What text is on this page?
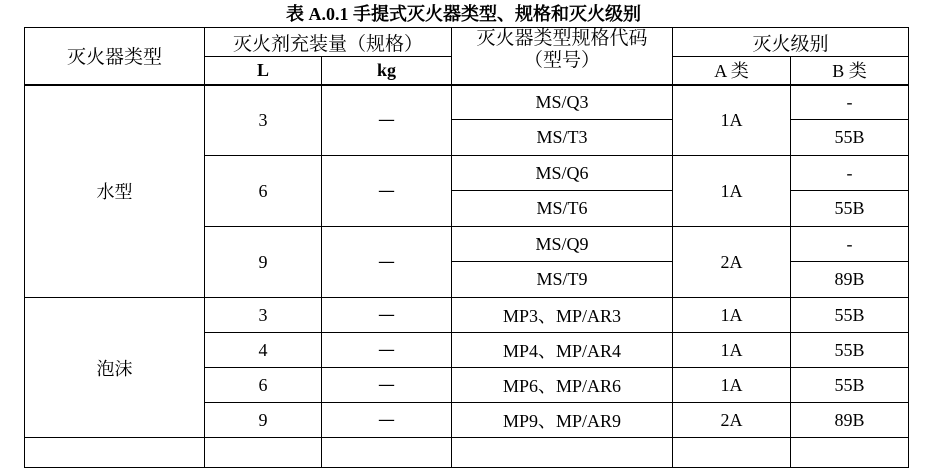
表 A.0.1 手提式灭火器类型、规格和灭火级别
灭火器类型	灭火剂充装量（规格）		灭火器类型规格代码
（型号）	灭火级别	
	L	kg		A 类	B 类
水型	3	—	MS/Q3	1A	-
			MS/T3		55B
	6	—	MS/Q6	1A	-
			MS/T6		55B
	9	—	MS/Q9	2A	-
			MS/T9		89B
泡沫	3	—	MP3、MP/AR3	1A	55B
	4	—	MP4、MP/AR4	1A	55B
	6	—	MP6、MP/AR6	1A	55B
	9	—	MP9、MP/AR9	2A	89B
